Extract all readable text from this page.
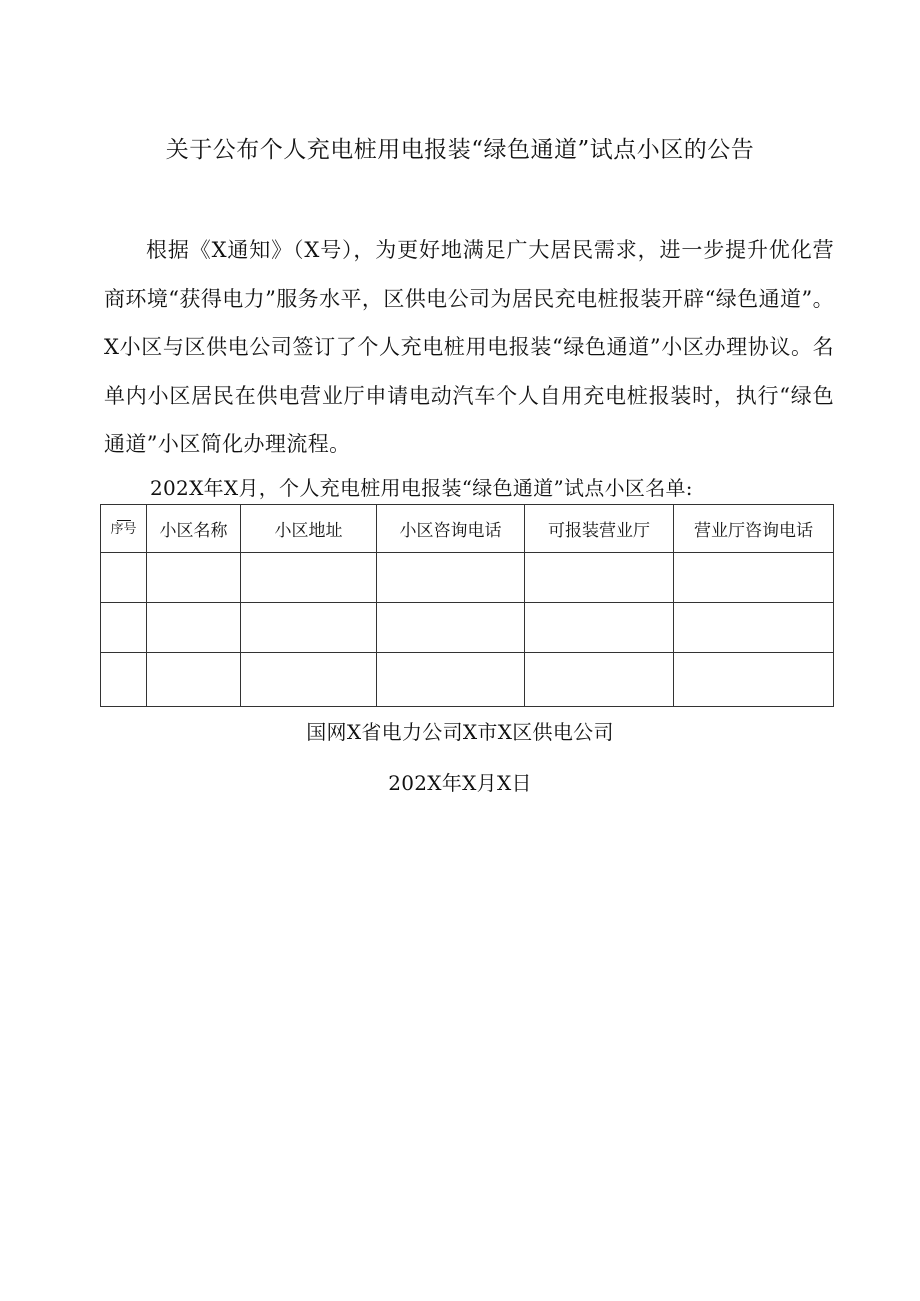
关于公布个人充电桩用电报装“绿色通道”试点小区的公告
根据《X通知》（X号），为更好地满足广大居民需求，进一步提升优化营商环境“获得电力”服务水平，区供电公司为居民充电桩报装开辟“绿色通道”。X小区与区供电公司签订了个人充电桩用电报装“绿色通道”小区办理协议。名单内小区居民在供电营业厅申请电动汽车个人自用充电桩报装时，执行“绿色通道”小区简化办理流程。
202X年X月，个人充电桩用电报装“绿色通道”试点小区名单:
序号	小区名称	小区地址	小区咨询电话	可报装营业厅	营业厅咨询电话

国网X省电力公司X市X区供电公司
202X年X月X日
